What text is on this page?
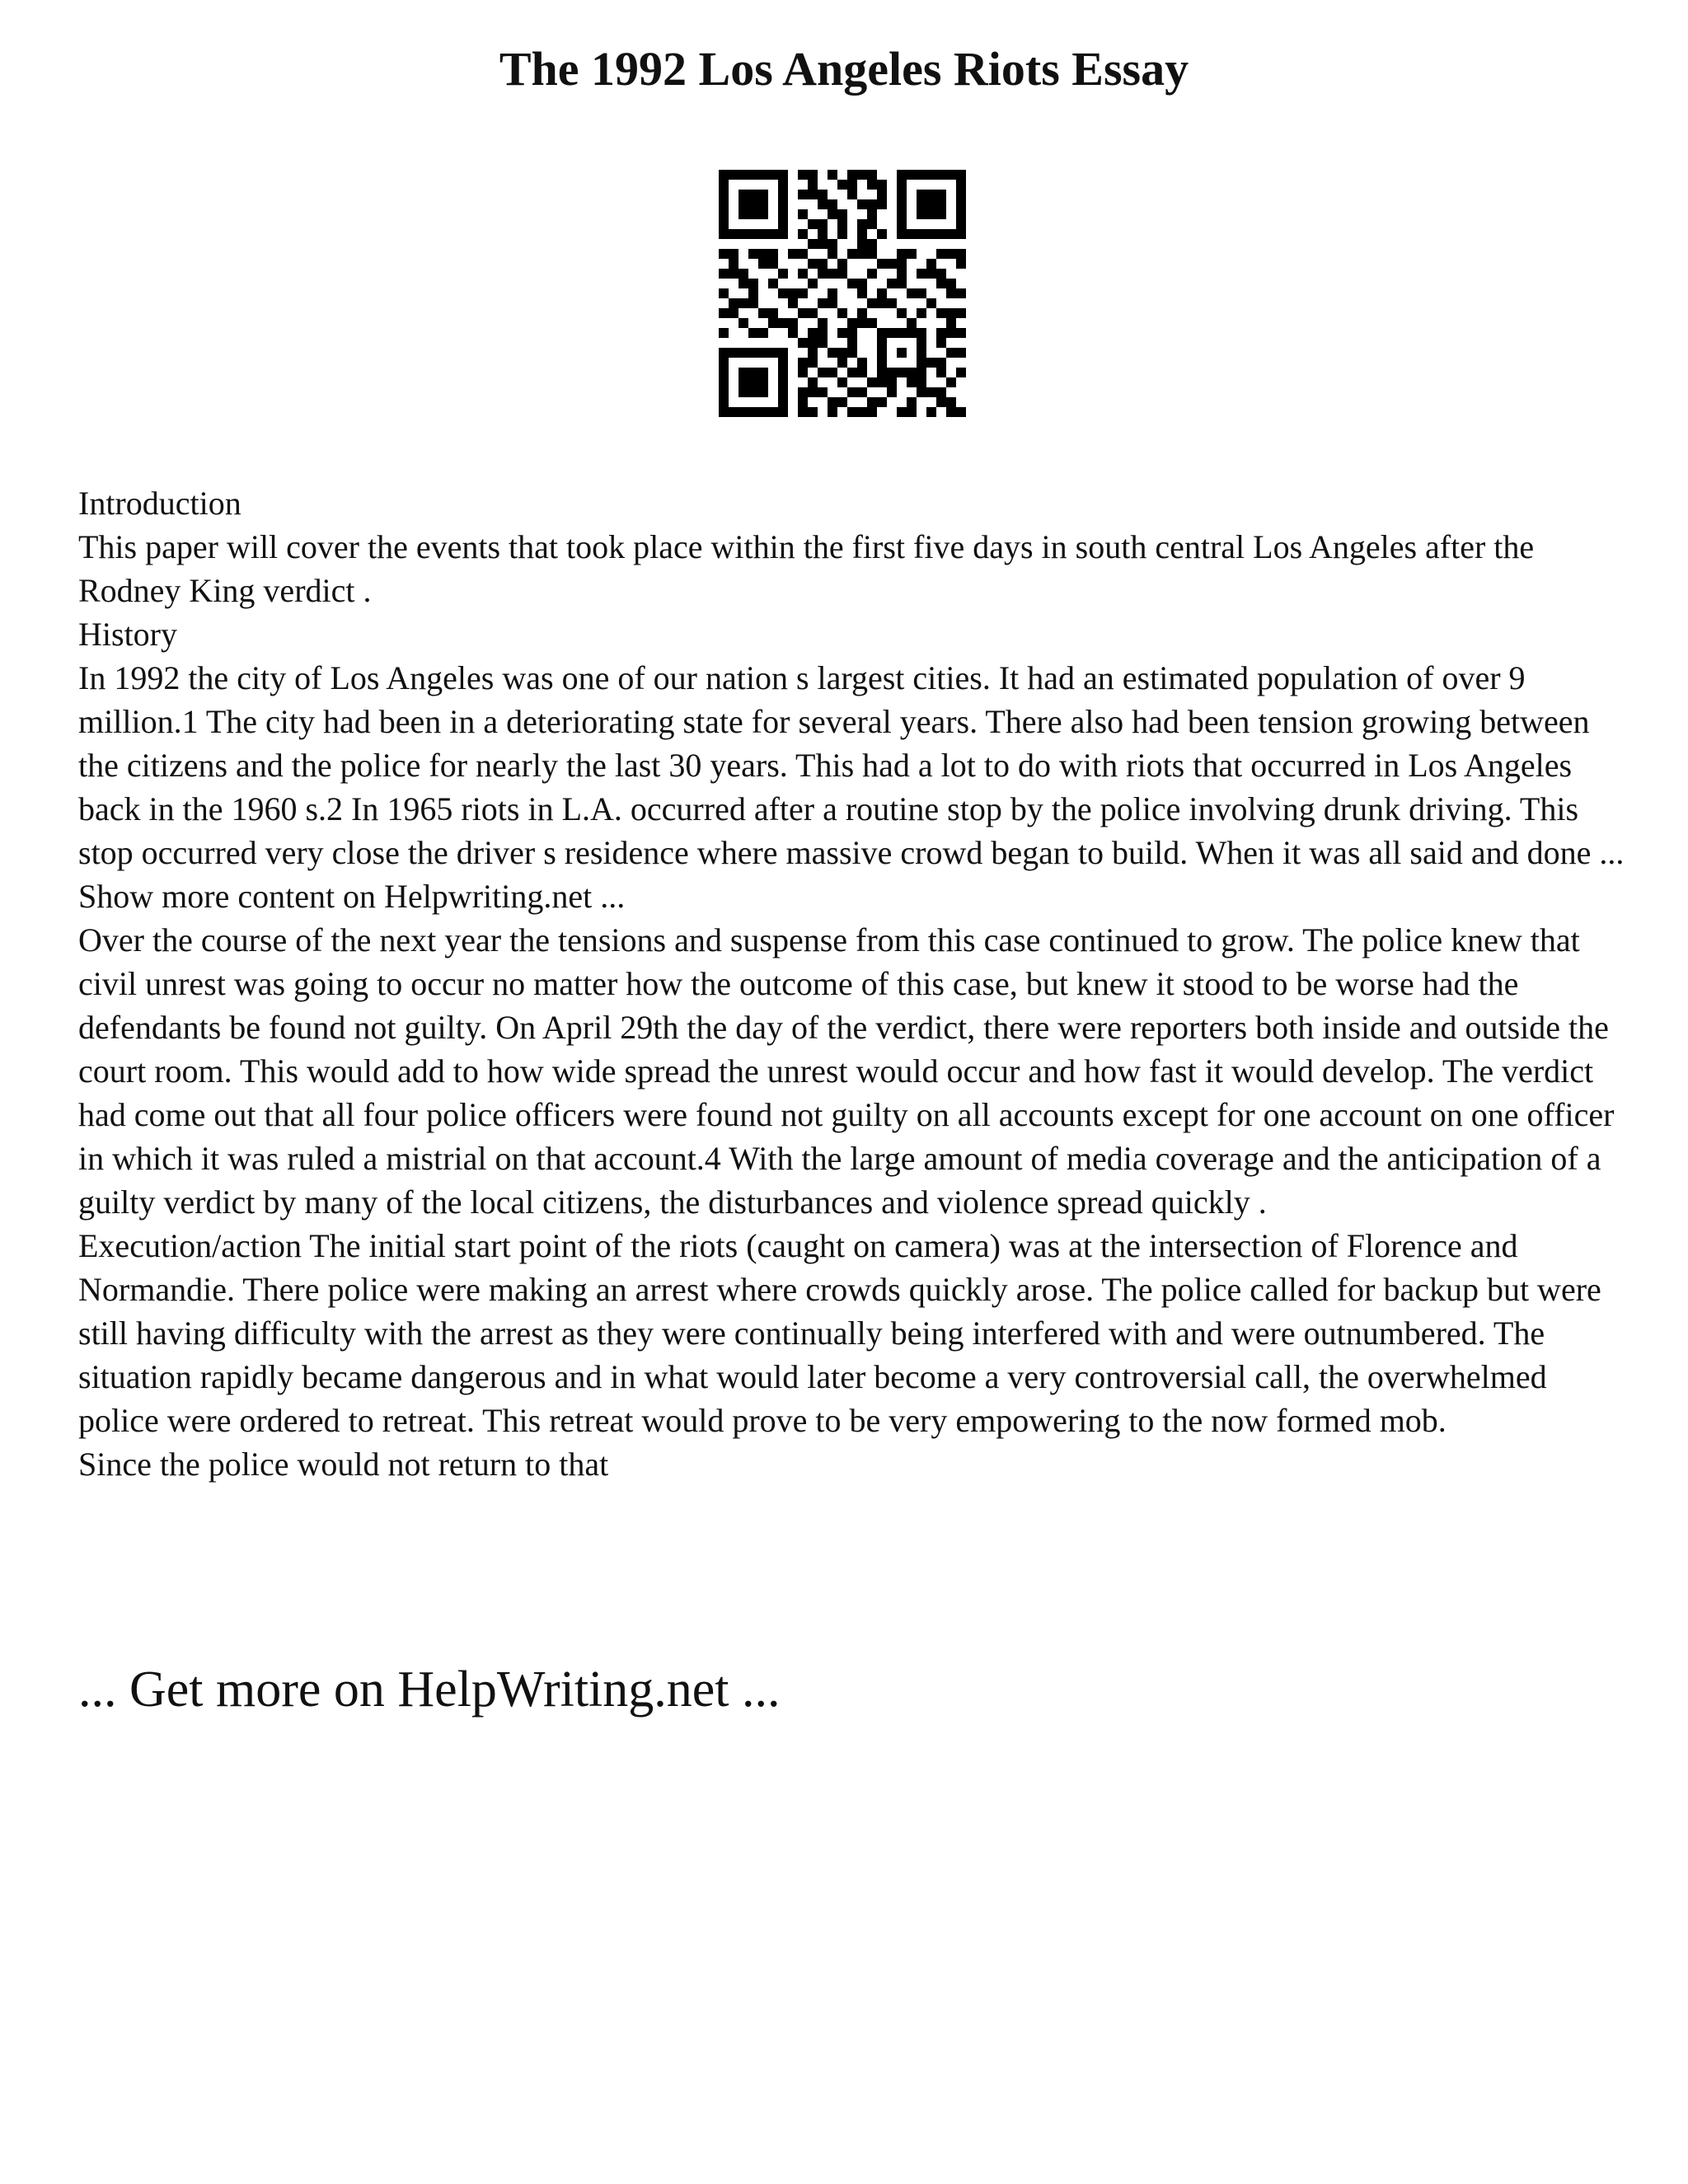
The 1992 Los Angeles Riots Essay

Introduction

This paper will cover the events that took place within the first five days in south central Los Angeles after the Rodney King verdict .

History

In 1992 the city of Los Angeles was one of our nation s largest cities. It had an estimated population of over 9 million.1 The city had been in a deteriorating state for several years. There also had been tension growing between the citizens and the police for nearly the last 30 years. This had a lot to do with riots that occurred in Los Angeles back in the 1960 s.2 In 1965 riots in L.A. occurred after a routine stop by the police involving drunk driving. This stop occurred very close the driver s residence where massive crowd began to build. When it was all said and done ... Show more content on Helpwriting.net ...

Over the course of the next year the tensions and suspense from this case continued to grow. The police knew that civil unrest was going to occur no matter how the outcome of this case, but knew it stood to be worse had the defendants be found not guilty. On April 29th the day of the verdict, there were reporters both inside and outside the court room. This would add to how wide spread the unrest would occur and how fast it would develop. The verdict had come out that all four police officers were found not guilty on all accounts except for one account on one officer in which it was ruled a mistrial on that account.4 With the large amount of media coverage and the anticipation of a guilty verdict by many of the local citizens, the disturbances and violence spread quickly .

Execution/action The initial start point of the riots (caught on camera) was at the intersection of Florence and Normandie. There police were making an arrest where crowds quickly arose. The police called for backup but were still having difficulty with the arrest as they were continually being interfered with and were outnumbered. The situation rapidly became dangerous and in what would later become a very controversial call, the overwhelmed police were ordered to retreat. This retreat would prove to be very empowering to the now formed mob.

Since the police would not return to that

... Get more on HelpWriting.net ...
